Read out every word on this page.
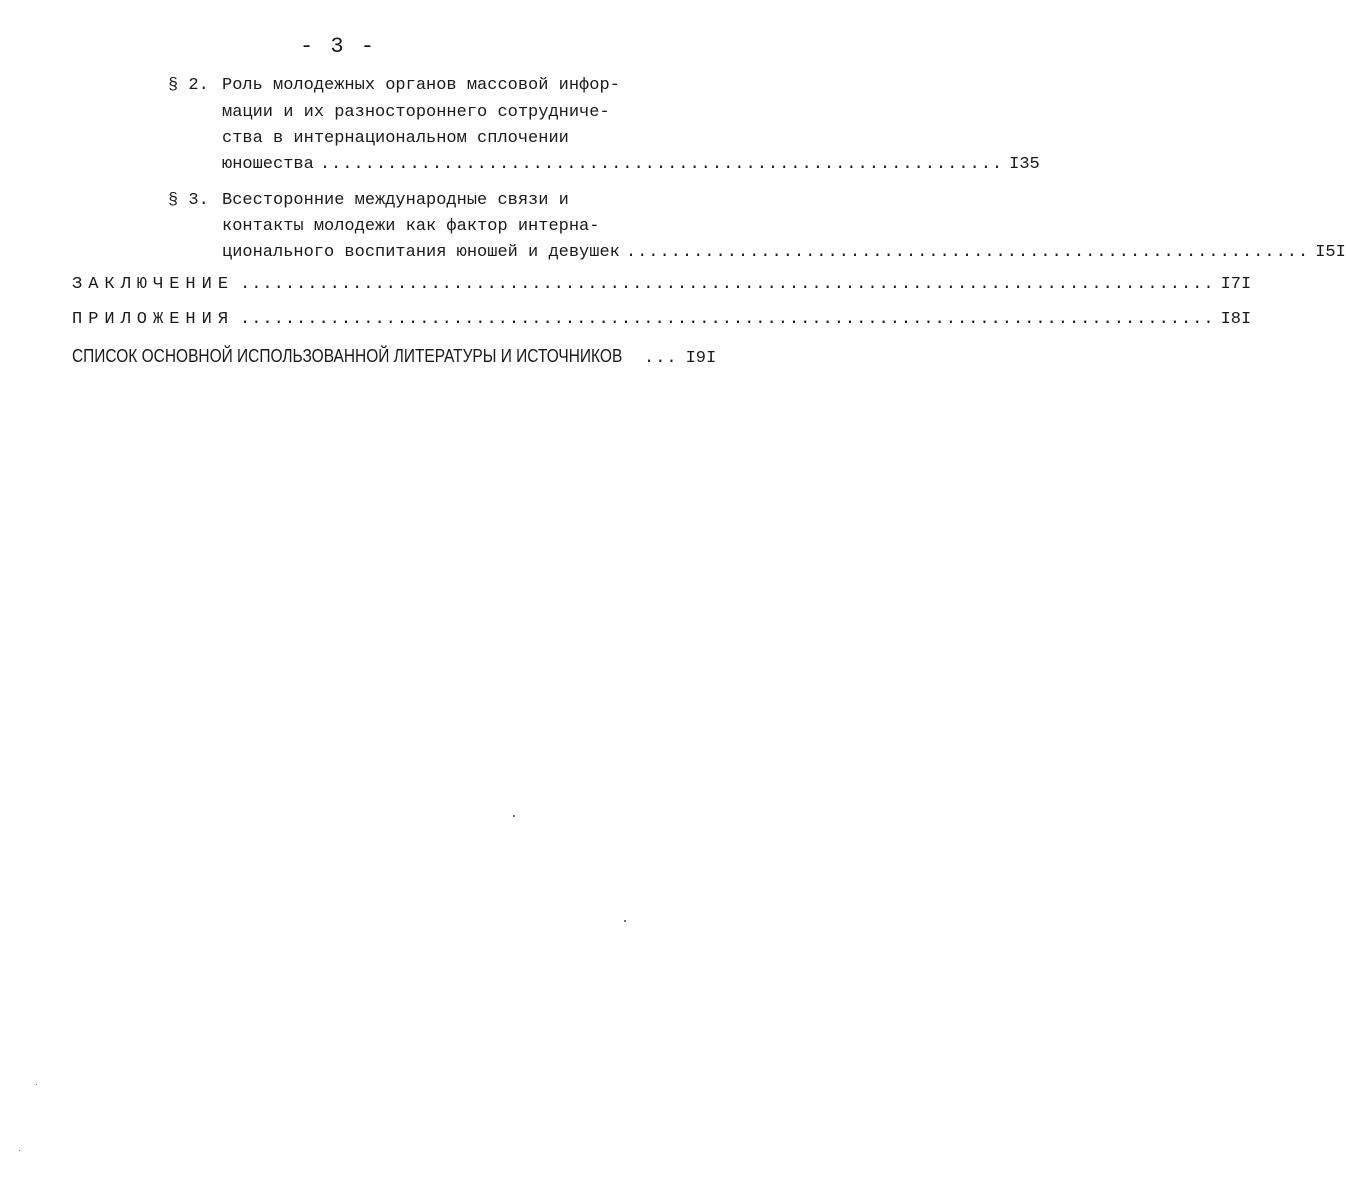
- 3 -
§ 2. Роль молодежных органов массовой инфор-
мации и их разностороннего сотрудниче-
ства в интернациональном сплочении
юношества ............................................................. I35
§ 3. Всесторонние международные связи и
контакты молодежи как фактор интерна-
ционального воспитания юношей и девушек ............................................................. I5I
ЗАКЛЮЧЕНИЕ ....................................................................................... I7I
ПРИЛОЖЕНИЯ ....................................................................................... I8I
СПИСОК ОСНОВНОЙ ИСПОЛЬЗОВАННОЙ ЛИТЕРАТУРЫ И ИСТОЧНИКОВ	... I9I
